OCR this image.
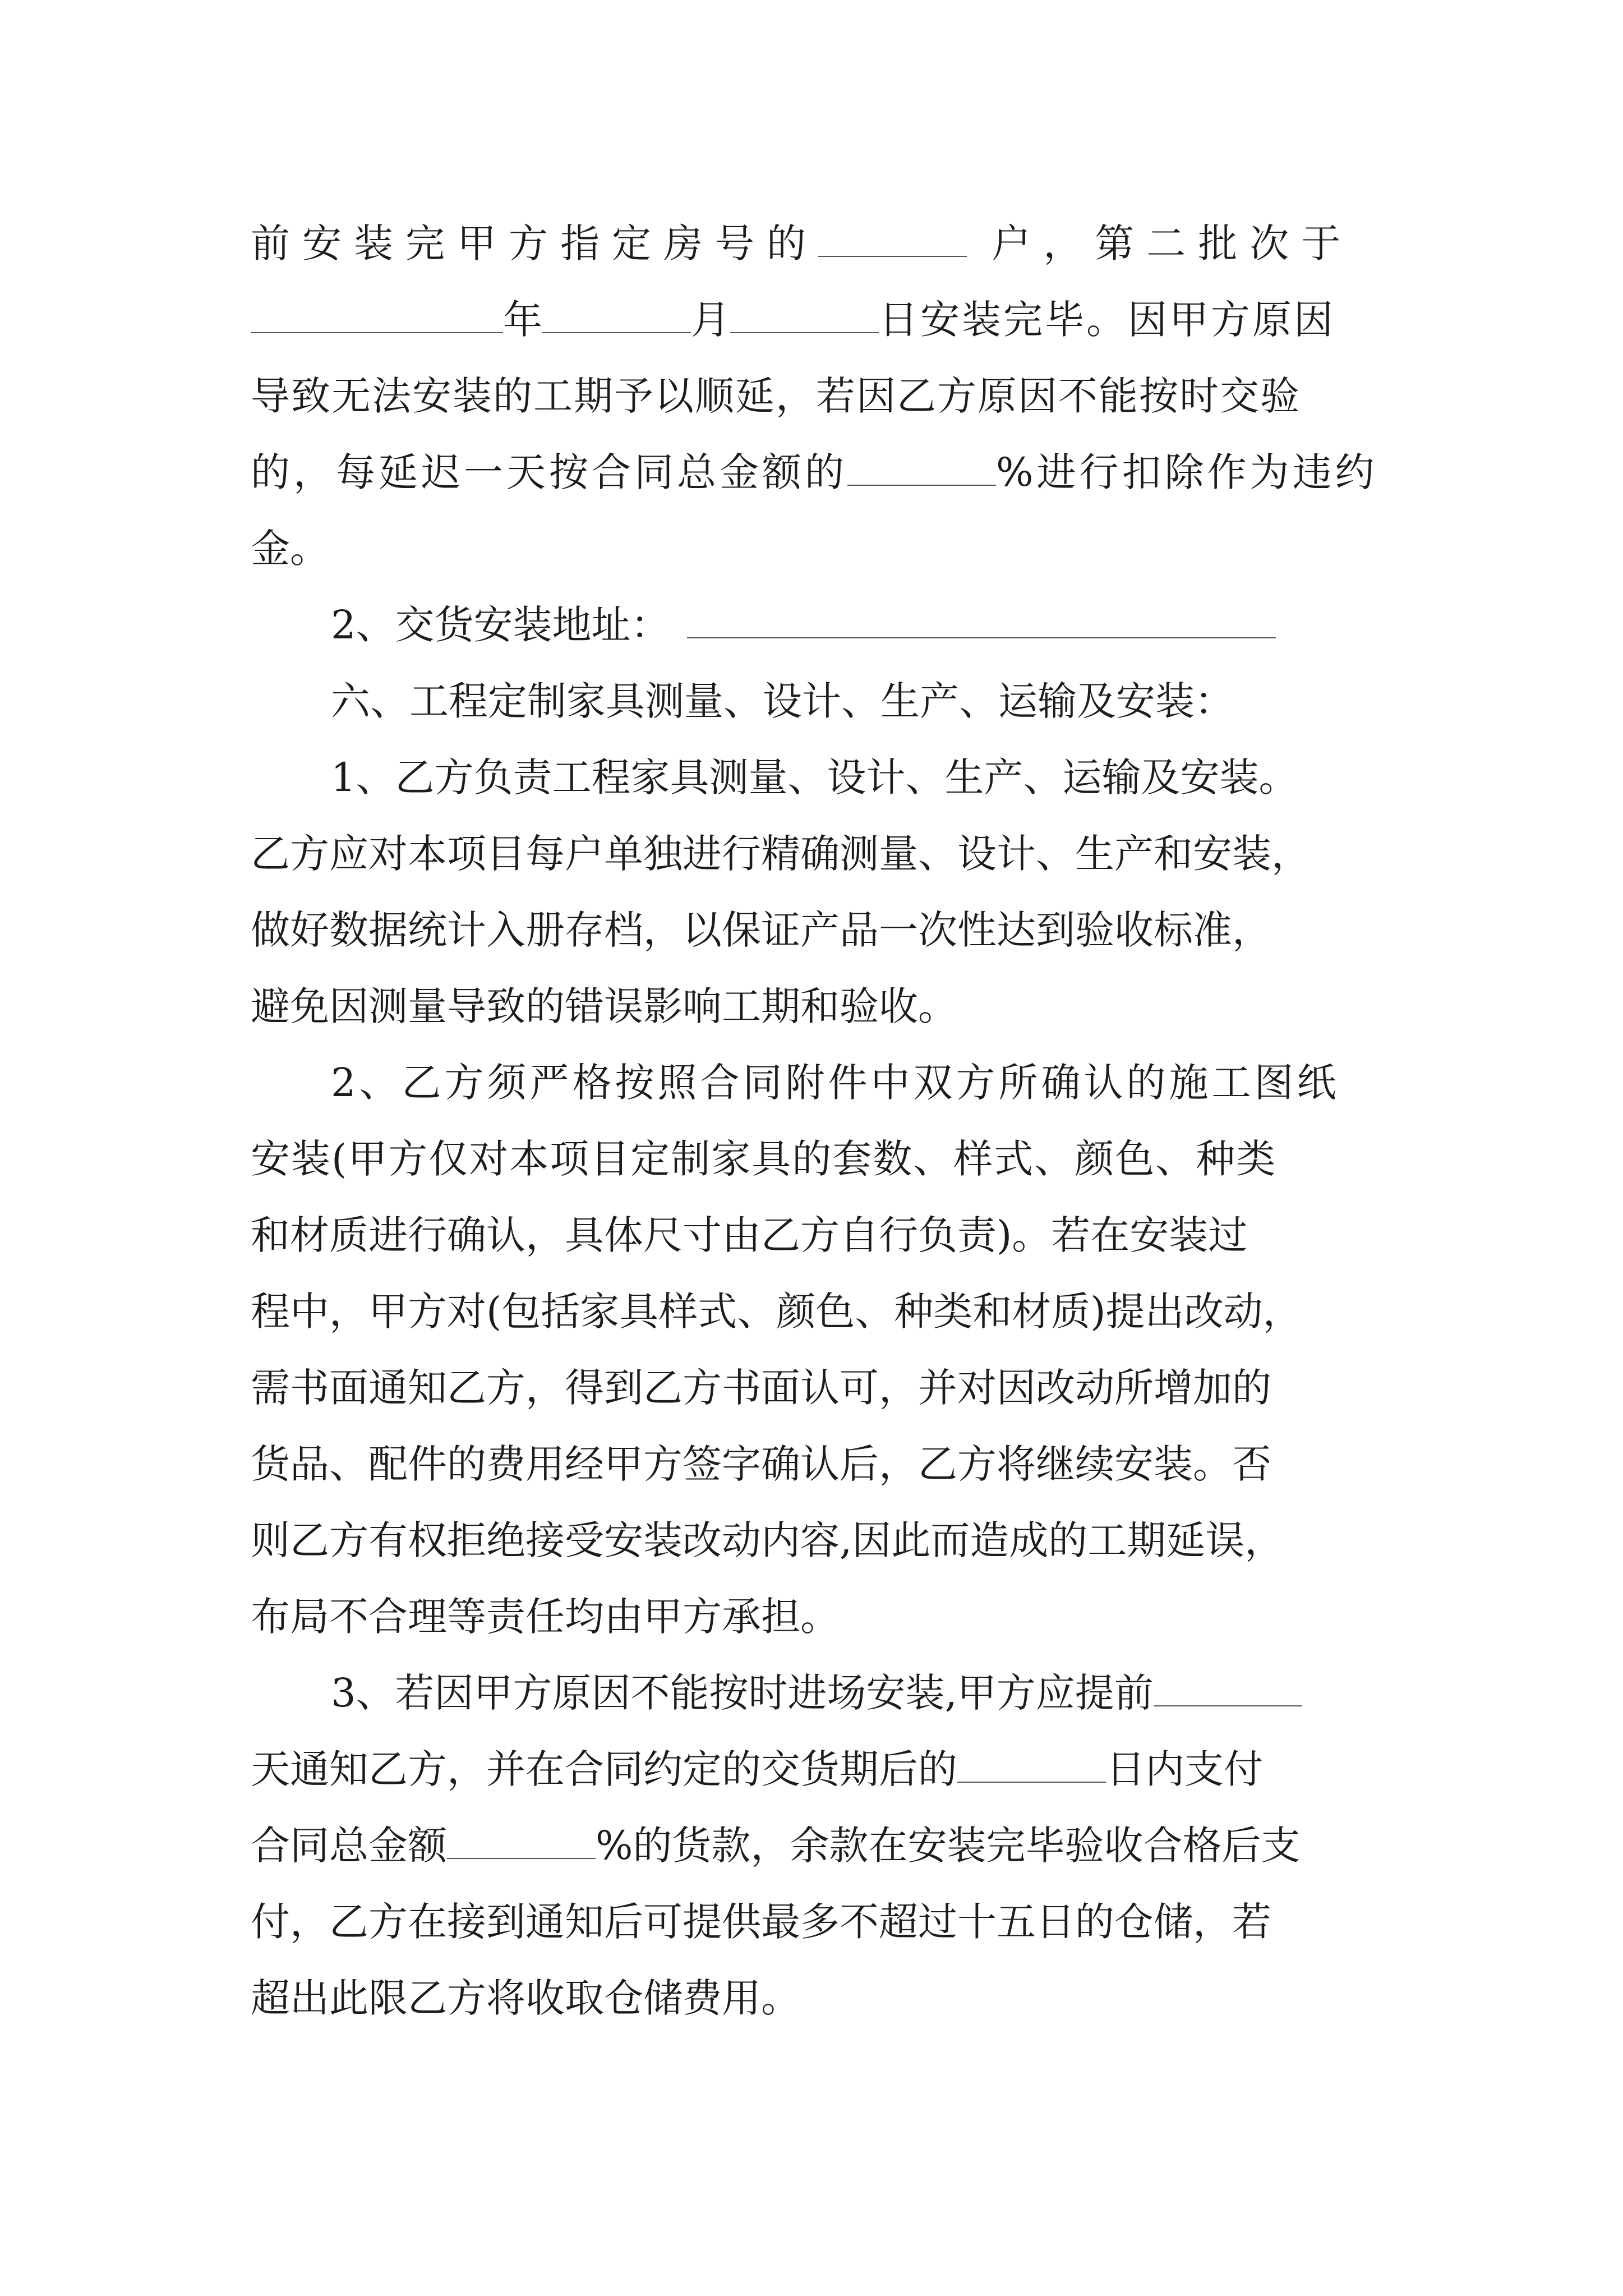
前安装完甲方指定房号的	户，第二批次于
年	月	日安装完毕。因甲方原因
导致无法安装的工期予以顺延，若因乙方原因不能按时交验
的，每延迟一天按合同总金额的	%进行扣除作为违约
金。
2、交货安装地址：
六、工程定制家具测量、设计、生产、运输及安装：
1、乙方负责工程家具测量、设计、生产、运输及安装。
乙方应对本项目每户单独进行精确测量、设计、生产和安装，
做好数据统计入册存档，以保证产品一次性达到验收标准，
避免因测量导致的错误影响工期和验收。
2、乙方须严格按照合同附件中双方所确认的施工图纸
安装(甲方仅对本项目定制家具的套数、样式、颜色、种类
和材质进行确认，具体尺寸由乙方自行负责)。若在安装过
程中，甲方对(包括家具样式、颜色、种类和材质)提出改动，
需书面通知乙方，得到乙方书面认可，并对因改动所增加的
货品、配件的费用经甲方签字确认后，乙方将继续安装。否
则乙方有权拒绝接受安装改动内容,因此而造成的工期延误，
布局不合理等责任均由甲方承担。
3、若因甲方原因不能按时进场安装,甲方应提前
天通知乙方，并在合同约定的交货期后的	日内支付
合同总金额	%的货款，余款在安装完毕验收合格后支
付，乙方在接到通知后可提供最多不超过十五日的仓储，若
超出此限乙方将收取仓储费用。
